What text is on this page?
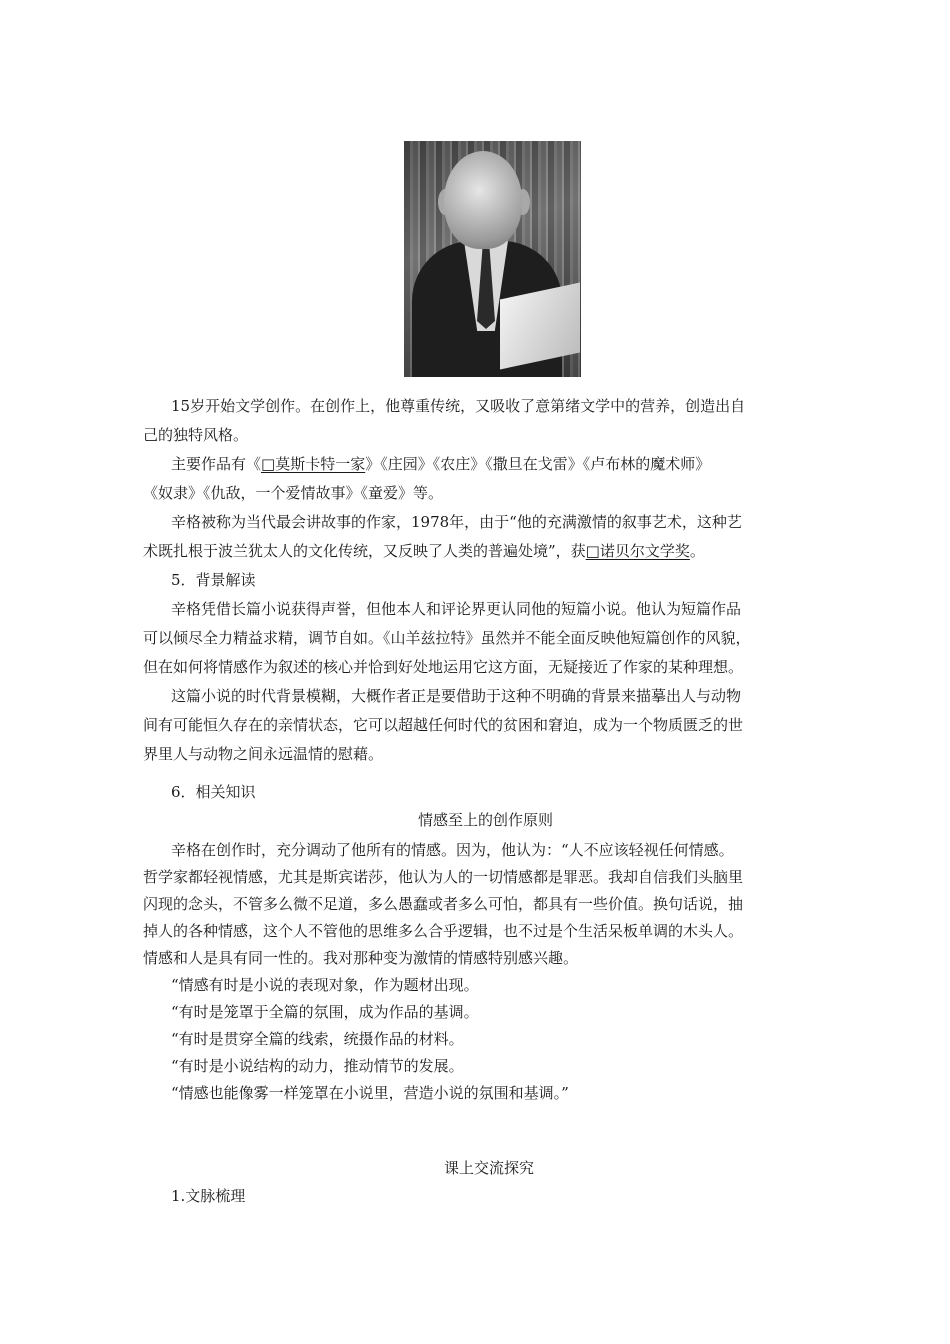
15岁开始文学创作。在创作上，他尊重传统，又吸收了意第绪文学中的营养，创造出自
己的独特风格。
主要作品有《□莫斯卡特一家》《庄园》《农庄》《撒旦在戈雷》《卢布林的魔术师》
《奴隶》《仇敌，一个爱情故事》《童爱》等。
辛格被称为当代最会讲故事的作家，1978年，由于“他的充满激情的叙事艺术，这种艺
术既扎根于波兰犹太人的文化传统，又反映了人类的普遍处境”，获□诺贝尔文学奖。
5．背景解读
辛格凭借长篇小说获得声誉，但他本人和评论界更认同他的短篇小说。他认为短篇作品
可以倾尽全力精益求精，调节自如。《山羊兹拉特》虽然并不能全面反映他短篇创作的风貌，
但在如何将情感作为叙述的核心并恰到好处地运用它这方面，无疑接近了作家的某种理想。
这篇小说的时代背景模糊，大概作者正是要借助于这种不明确的背景来描摹出人与动物
间有可能恒久存在的亲情状态，它可以超越任何时代的贫困和窘迫，成为一个物质匮乏的世
界里人与动物之间永远温情的慰藉。
6．相关知识
情感至上的创作原则
辛格在创作时，充分调动了他所有的情感。因为，他认为：“人不应该轻视任何情感。
哲学家都轻视情感，尤其是斯宾诺莎，他认为人的一切情感都是罪恶。我却自信我们头脑里
闪现的念头，不管多么微不足道，多么愚蠢或者多么可怕，都具有一些价值。换句话说，抽
掉人的各种情感，这个人不管他的思维多么合乎逻辑，也不过是个生活呆板单调的木头人。
情感和人是具有同一性的。我对那种变为激情的情感特别感兴趣。
“情感有时是小说的表现对象，作为题材出现。
“有时是笼罩于全篇的氛围，成为作品的基调。
“有时是贯穿全篇的线索，统摄作品的材料。
“有时是小说结构的动力，推动情节的发展。
“情感也能像雾一样笼罩在小说里，营造小说的氛围和基调。”
课上交流探究
1.文脉梳理
